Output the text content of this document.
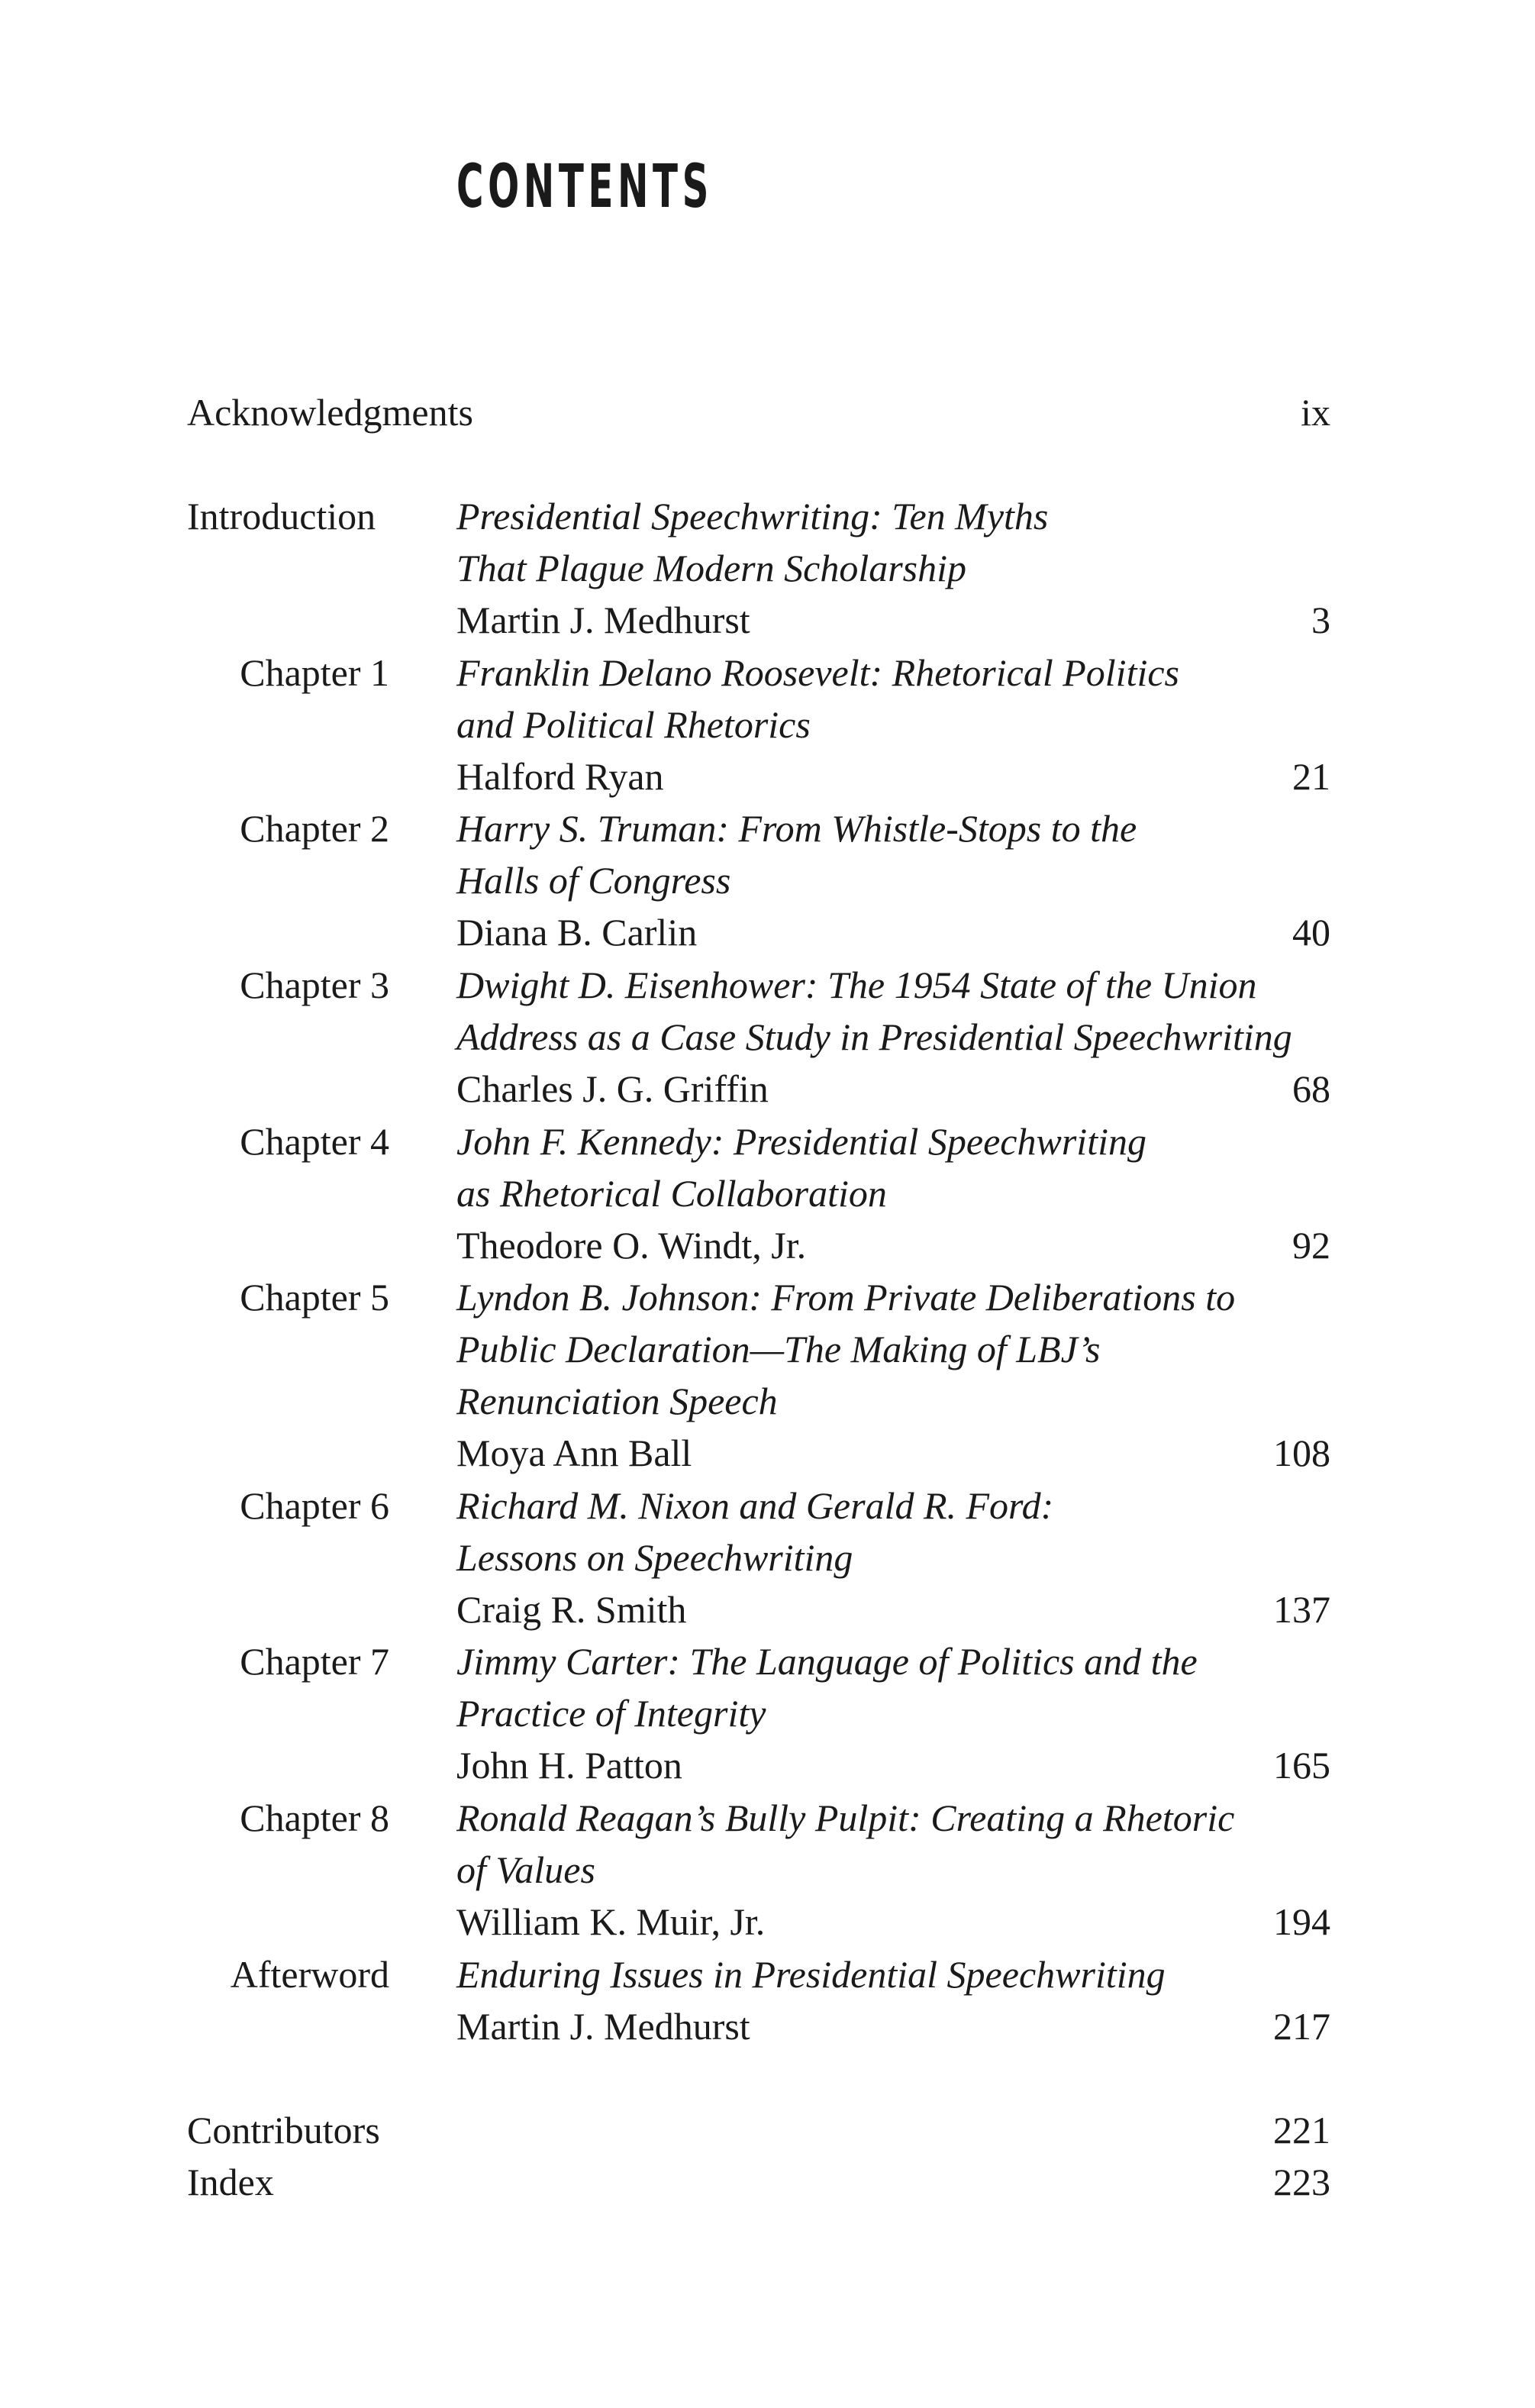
CONTENTS
Acknowledgments	ix
Introduction Presidential Speechwriting: Ten Myths
That Plague Modern Scholarship
Martin J. Medhurst	3
Chapter 1 Franklin Delano Roosevelt: Rhetorical Politics
and Political Rhetorics
Halford Ryan	21
Chapter 2 Harry S. Truman: From Whistle-Stops to the
Halls of Congress
Diana B. Carlin	40
Chapter 3 Dwight D. Eisenhower: The 1954 State of the Union
Address as a Case Study in Presidential Speechwriting
Charles J. G. Griffin	68
Chapter 4 John F. Kennedy: Presidential Speechwriting
as Rhetorical Collaboration
Theodore O. Windt, Jr.	92
Chapter 5 Lyndon B. Johnson: From Private Deliberations to
Public Declaration—The Making of LBJ’s
Renunciation Speech
Moya Ann Ball	108
Chapter 6 Richard M. Nixon and Gerald R. Ford:
Lessons on Speechwriting
Craig R. Smith	137
Chapter 7 Jimmy Carter: The Language of Politics and the
Practice of Integrity
John H. Patton	165
Chapter 8 Ronald Reagan’s Bully Pulpit: Creating a Rhetoric
of Values
William K. Muir, Jr.	194
Afterword Enduring Issues in Presidential Speechwriting
Martin J. Medhurst	217
Contributors	221
Index	223
